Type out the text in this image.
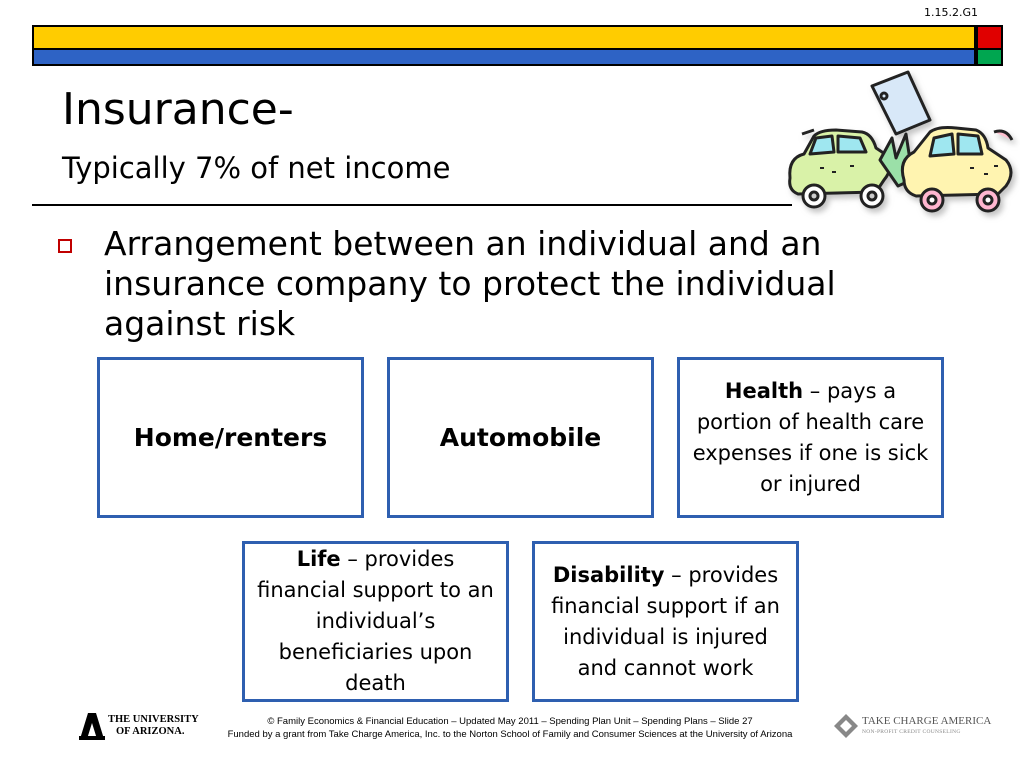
1.15.2.G1
Insurance-
Typically 7% of net income
Arrangement between an individual and an insurance company to protect the individual against risk
Home/renters	Automobile
Health – pays a portion of health care expenses if one is sick or injured
Life – provides financial support to an individual’s beneficiaries upon death
Disability – provides financial support if an individual is injured and cannot work
THE UNIVERSITY
OF ARIZONA.
© Family Economics & Financial Education – Updated May 2011 – Spending Plan Unit – Spending Plans – Slide 27
Funded by a grant from Take Charge America, Inc. to the Norton School of Family and Consumer Sciences at the University of Arizona
TAKE CHARGE AMERICA
NON-PROFIT CREDIT COUNSELING
